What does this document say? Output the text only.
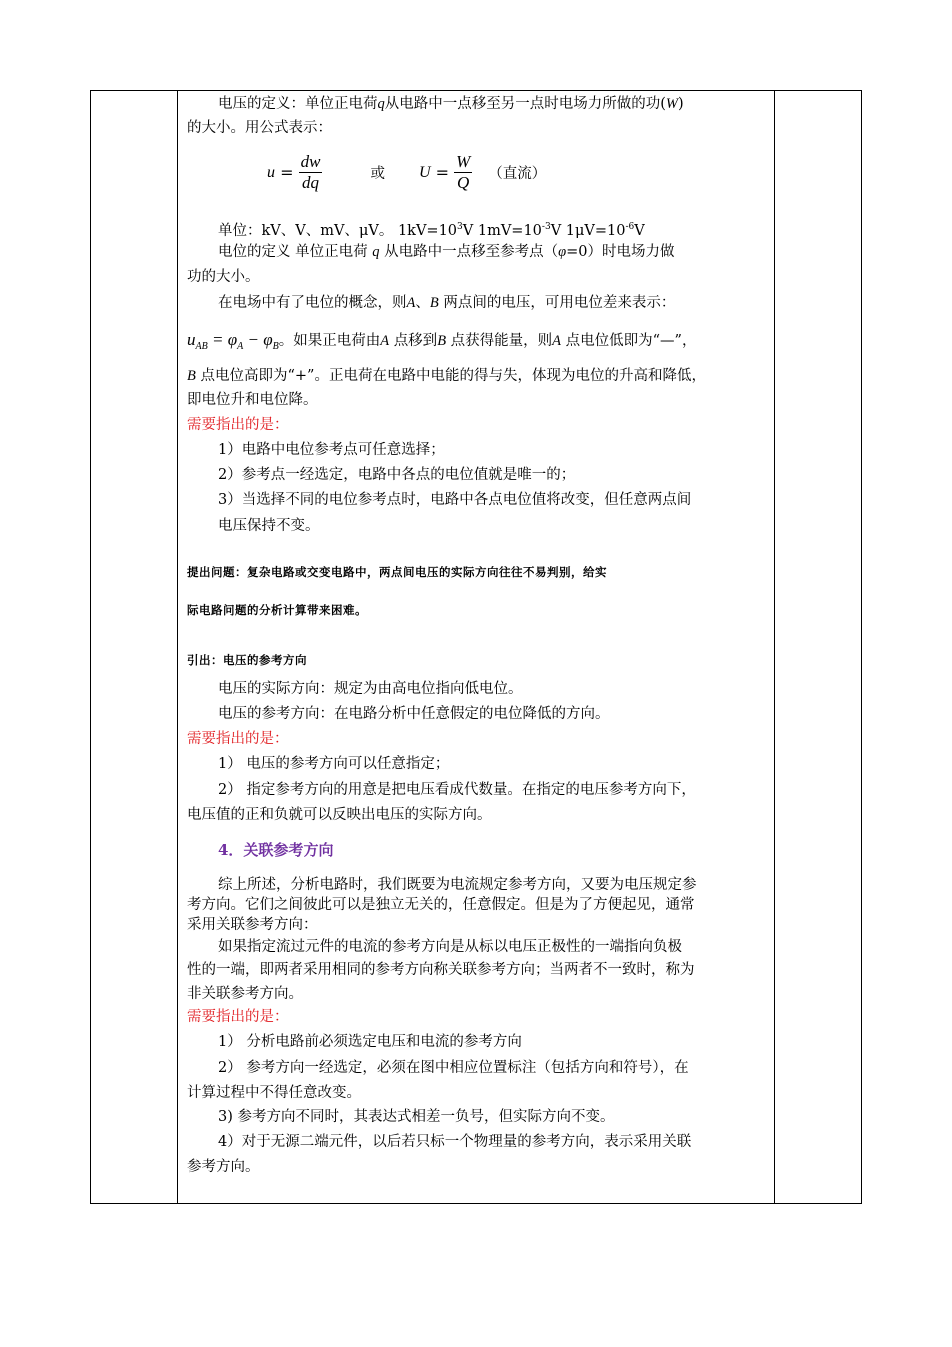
电压的定义：单位正电荷q从电路中一点移至另一点时电场力所做的功(W)
的大小。用公式表示：
u
=
$\frac{dw}{dq}$	或 U
=
$\frac{W}{Q}$ （直流）
单位：kV、V、mV、μV。 $1kV=10^3V$ $1mV=10^{-3}V$ $1\mu V=10^{-6}V$
电位的定义 单位正电荷 q 从电路中一点移至参考点（φ=0）时电场力做
功的大小。
在电场中有了电位的概念，则A、B 两点间的电压，可用电位差来表示：
$u_{AB} = \varphi_A - \varphi_B$。如果正电荷由A 点移到B 点获得能量，则A 点电位低即为“—”，
B 点电位高即为“+”。正电荷在电路中电能的得与失，体现为电位的升高和降低，
即电位升和电位降。
需要指出的是：
1）电路中电位参考点可任意选择；
2）参考点一经选定，电路中各点的电位值就是唯一的；
3）当选择不同的电位参考点时，电路中各点电位值将改变，但任意两点间
电压保持不变。
提出问题：复杂电路或交变电路中，两点间电压的实际方向往往不易判别，给实
际电路问题的分析计算带来困难。
引出：电压的参考方向
电压的实际方向：规定为由高电位指向低电位。
电压的参考方向：在电路分析中任意假定的电位降低的方向。
需要指出的是：
1） 电压的参考方向可以任意指定；
2） 指定参考方向的用意是把电压看成代数量。在指定的电压参考方向下，
电压值的正和负就可以反映出电压的实际方向。
4．关联参考方向
综上所述，分析电路时，我们既要为电流规定参考方向，又要为电压规定参
考方向。它们之间彼此可以是独立无关的，任意假定。但是为了方便起见，通常
采用关联参考方向：
如果指定流过元件的电流的参考方向是从标以电压正极性的一端指向负极
性的一端，即两者采用相同的参考方向称关联参考方向；当两者不一致时，称为
非关联参考方向。
需要指出的是：
1） 分析电路前必须选定电压和电流的参考方向
2） 参考方向一经选定，必须在图中相应位置标注（包括方向和符号），在
计算过程中不得任意改变。
3) 参考方向不同时，其表达式相差一负号，但实际方向不变。
4）对于无源二端元件，以后若只标一个物理量的参考方向，表示采用关联
参考方向。
